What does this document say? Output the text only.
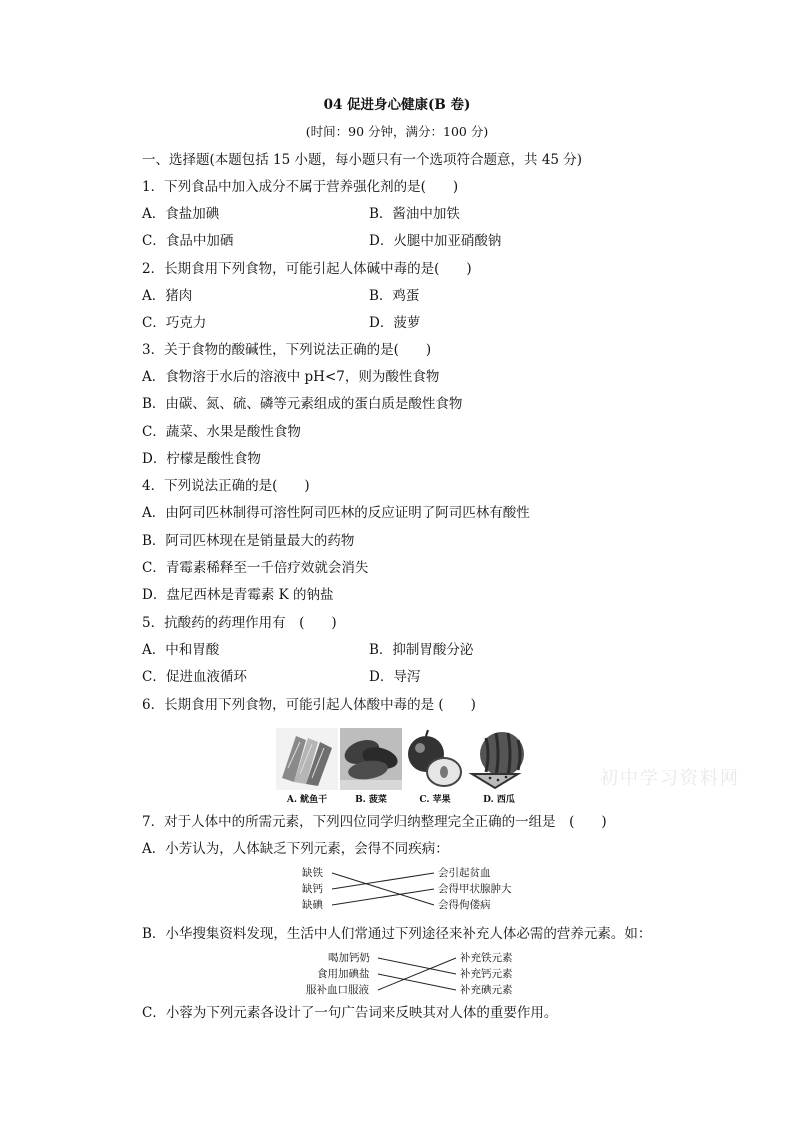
04 促进身心健康(B 卷)
(时间：90 分钟，满分：100 分)
一、选择题(本题包括 15 小题，每小题只有一个选项符合题意，共 45 分)
1．下列食品中加入成分不属于营养强化剂的是(　　)
A．食盐加碘	B．酱油中加铁
C．食品中加硒	D．火腿中加亚硝酸钠
2．长期食用下列食物，可能引起人体碱中毒的是(　　)
A．猪肉	B．鸡蛋
C．巧克力	D．菠萝
3．关于食物的酸碱性，下列说法正确的是(　　)
A．食物溶于水后的溶液中 pH<7，则为酸性食物
B．由碳、氮、硫、磷等元素组成的蛋白质是酸性食物
C．蔬菜、水果是酸性食物
D．柠檬是酸性食物
4．下列说法正确的是(　　)
A．由阿司匹林制得可溶性阿司匹林的反应证明了阿司匹林有酸性
B．阿司匹林现在是销量最大的药物
C．青霉素稀释至一千倍疗效就会消失
D．盘尼西林是青霉素 K 的钠盐
5．抗酸药的药理作用有　(　　)
A．中和胃酸	B．抑制胃酸分泌
C．促进血液循环	D．导泻
6．长期食用下列食物，可能引起人体酸中毒的是 (　　)
A. 鱿鱼干	B. 菠菜	C. 苹果	D. 西瓜
初中学习资料网
7．对于人体中的所需元素，下列四位同学归纳整理完全正确的一组是　(　　)
A．小芳认为，人体缺乏下列元素，会得不同疾病：
缺铁
缺钙
缺碘
会引起贫血
会得甲状腺肿大
会得佝偻病
B．小华搜集资料发现，生活中人们常通过下列途径来补充人体必需的营养元素。如：
喝加钙奶
食用加碘盐
服补血口服液
补充铁元素
补充钙元素
补充碘元素
C．小蓉为下列元素各设计了一句广告词来反映其对人体的重要作用。
